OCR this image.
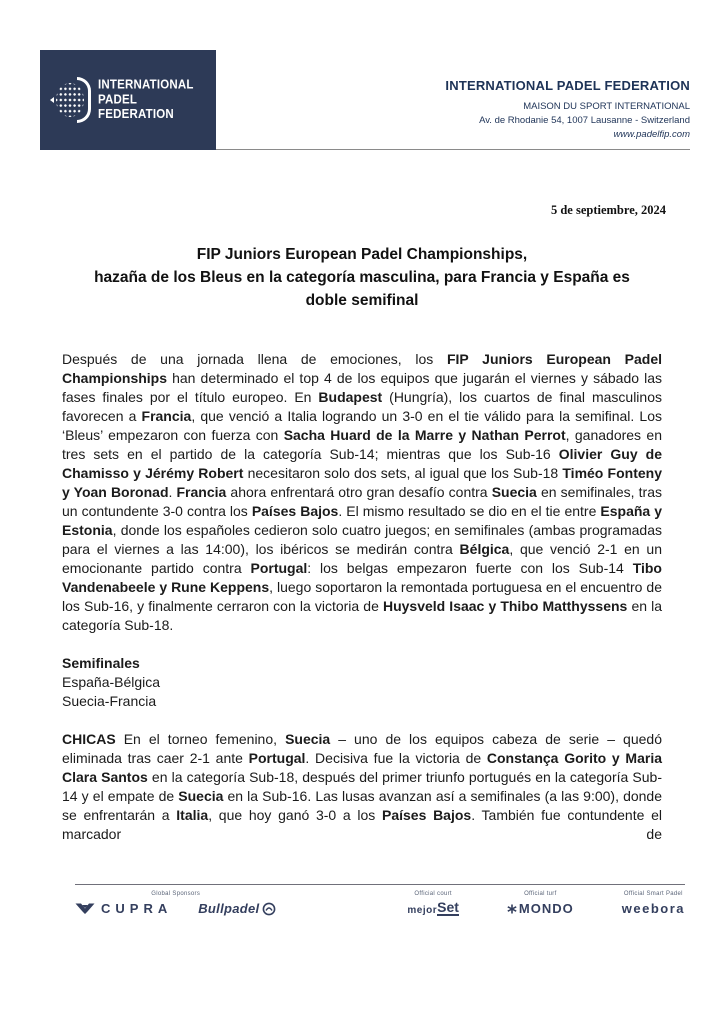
INTERNATIONAL
PADEL
FEDERATION
INTERNATIONAL PADEL FEDERATION
MAISON DU SPORT INTERNATIONAL
Av. de Rhodanie 54, 1007 Lausanne - Switzerland
www.padelfip.com
5 de septiembre, 2024
FIP Juniors European Padel Championships,
hazaña de los Bleus en la categoría masculina, para Francia y España es
doble semifinal

Después de una jornada llena de emociones, los FIP Juniors European Padel Championships han determinado el top 4 de los equipos que jugarán el viernes y sábado las fases finales por el título europeo. En Budapest (Hungría), los cuartos de final masculinos favorecen a Francia, que venció a Italia logrando un 3-0 en el tie válido para la semifinal. Los ‘Bleus’ empezaron con fuerza con Sacha Huard de la Marre y Nathan Perrot, ganadores en tres sets en el partido de la categoría Sub-14; mientras que los Sub-16 Olivier Guy de Chamisso y Jérémy Robert necesitaron solo dos sets, al igual que los Sub-18 Timéo Fonteny y Yoan Boronad. Francia ahora enfrentará otro gran desafío contra Suecia en semifinales, tras un contundente 3-0 contra los Países Bajos. El mismo resultado se dio en el tie entre España y Estonia, donde los españoles cedieron solo cuatro juegos; en semifinales (ambas programadas para el viernes a las 14:00), los ibéricos se medirán contra Bélgica, que venció 2-1 en un emocionante partido contra Portugal: los belgas empezaron fuerte con los Sub-14 Tibo Vandenabeele y Rune Keppens, luego soportaron la remontada portuguesa en el encuentro de los Sub-16, y finalmente cerraron con la victoria de Huysveld Isaac y Thibo Matthyssens en la categoría Sub-18.

Semifinales
España-Bélgica
Suecia-Francia

CHICAS En el torneo femenino, Suecia – uno de los equipos cabeza de serie – quedó eliminada tras caer 2-1 ante Portugal. Decisiva fue la victoria de Constança Gorito y Maria Clara Santos en la categoría Sub-18, después del primer triunfo portugués en la categoría Sub-14 y el empate de Suecia en la Sub-16. Las lusas avanzan así a semifinales (a las 9:00), donde se enfrentarán a Italia, que hoy ganó 3-0 a los Países Bajos. También fue contundente el marcador de

Global Sponsors
CUPRA Bullpadel
Official court
mejor Set
Official turf
MONDO
Official Smart Padel
weebora
